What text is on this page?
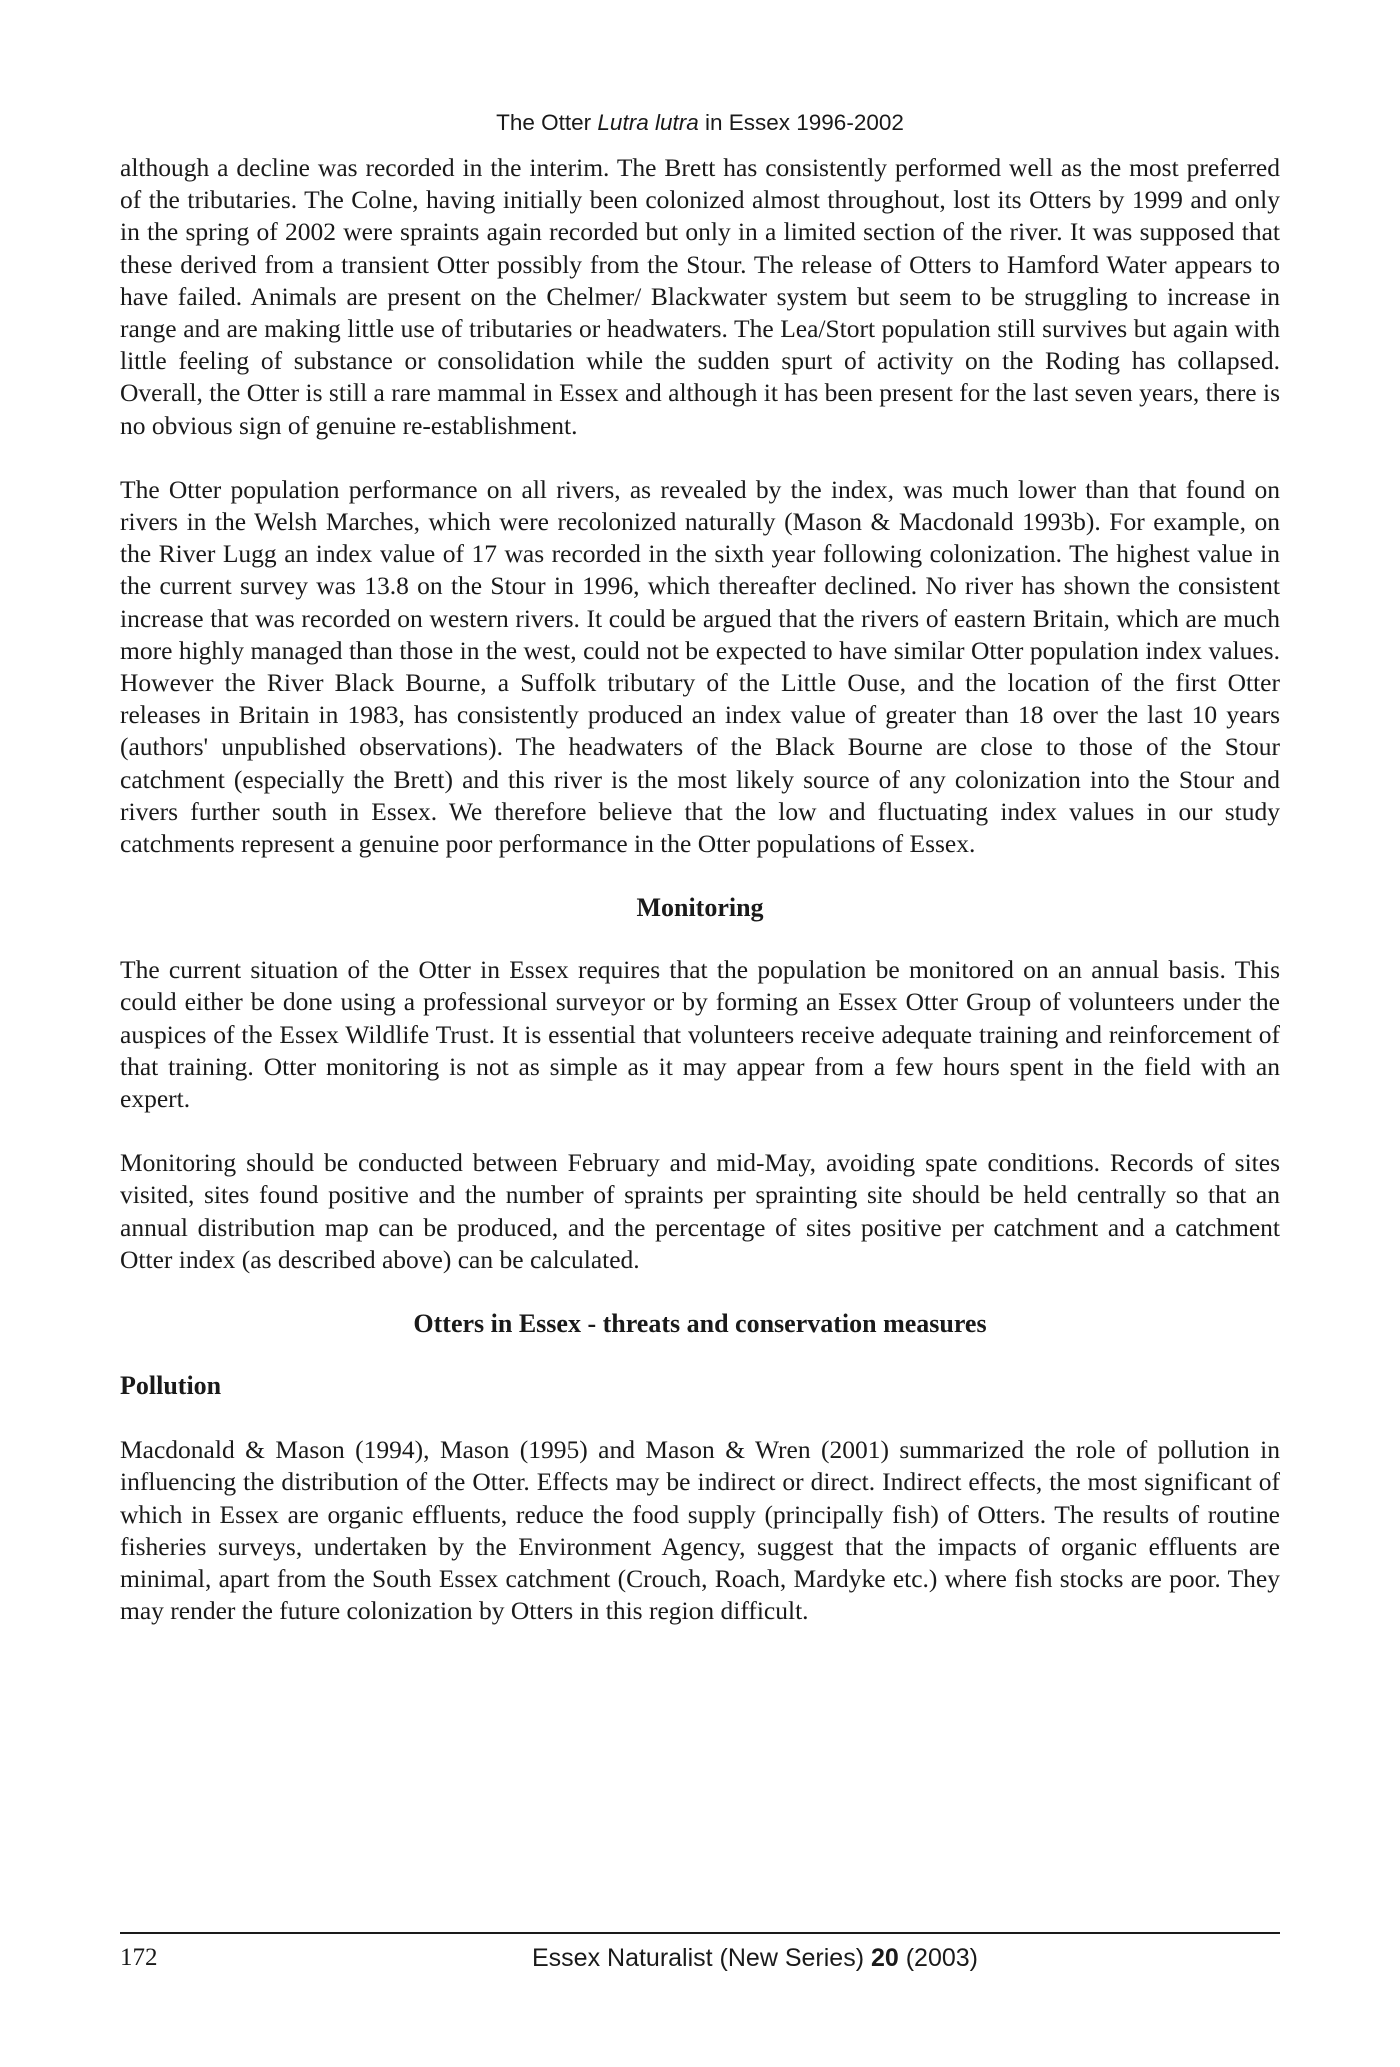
The Otter Lutra lutra in Essex 1996-2002

although a decline was recorded in the interim. The Brett has consistently performed well as the most preferred of the tributaries. The Colne, having initially been colonized almost throughout, lost its Otters by 1999 and only in the spring of 2002 were spraints again recorded but only in a limited section of the river. It was supposed that these derived from a transient Otter possibly from the Stour. The release of Otters to Hamford Water appears to have failed. Animals are present on the Chelmer/ Blackwater system but seem to be struggling to increase in range and are making little use of tributaries or headwaters. The Lea/Stort population still survives but again with little feeling of substance or consolidation while the sudden spurt of activity on the Roding has collapsed. Overall, the Otter is still a rare mammal in Essex and although it has been present for the last seven years, there is no obvious sign of genuine re-establishment.

The Otter population performance on all rivers, as revealed by the index, was much lower than that found on rivers in the Welsh Marches, which were recolonized naturally (Mason & Macdonald 1993b). For example, on the River Lugg an index value of 17 was recorded in the sixth year following colonization. The highest value in the current survey was 13.8 on the Stour in 1996, which thereafter declined. No river has shown the consistent increase that was recorded on western rivers. It could be argued that the rivers of eastern Britain, which are much more highly managed than those in the west, could not be expected to have similar Otter population index values. However the River Black Bourne, a Suffolk tributary of the Little Ouse, and the location of the first Otter releases in Britain in 1983, has consistently produced an index value of greater than 18 over the last 10 years (authors' unpublished observations). The headwaters of the Black Bourne are close to those of the Stour catchment (especially the Brett) and this river is the most likely source of any colonization into the Stour and rivers further south in Essex. We therefore believe that the low and fluctuating index values in our study catchments represent a genuine poor performance in the Otter populations of Essex.

Monitoring

The current situation of the Otter in Essex requires that the population be monitored on an annual basis. This could either be done using a professional surveyor or by forming an Essex Otter Group of volunteers under the auspices of the Essex Wildlife Trust. It is essential that volunteers receive adequate training and reinforcement of that training. Otter monitoring is not as simple as it may appear from a few hours spent in the field with an expert.

Monitoring should be conducted between February and mid-May, avoiding spate conditions. Records of sites visited, sites found positive and the number of spraints per sprainting site should be held centrally so that an annual distribution map can be produced, and the percentage of sites positive per catchment and a catchment Otter index (as described above) can be calculated.

Otters in Essex - threats and conservation measures
Pollution

Macdonald & Mason (1994), Mason (1995) and Mason & Wren (2001) summarized the role of pollution in influencing the distribution of the Otter. Effects may be indirect or direct. Indirect effects, the most significant of which in Essex are organic effluents, reduce the food supply (principally fish) of Otters. The results of routine fisheries surveys, undertaken by the Environment Agency, suggest that the impacts of organic effluents are minimal, apart from the South Essex catchment (Crouch, Roach, Mardyke etc.) where fish stocks are poor. They may render the future colonization by Otters in this region difficult.

172	Essex Naturalist (New Series) 20 (2003)
